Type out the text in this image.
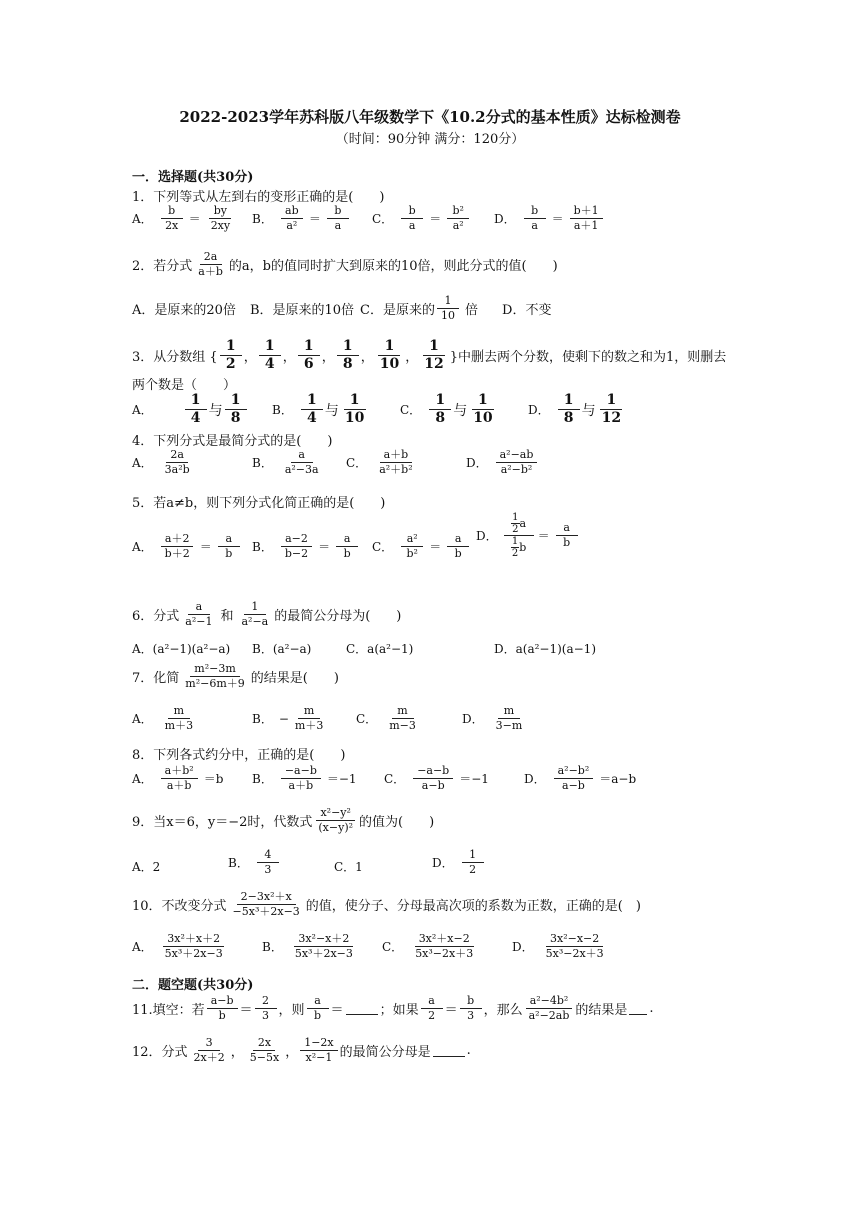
2022-2023学年苏科版八年级数学下《10.2分式的基本性质》达标检测卷
（时间：90分钟 满分：120分）
一．选择题(共30分)
1．下列等式从左到右的变形正确的是(　　)
A． $\frac{b}{2x} = \frac{by}{2xy}$ B． $\frac{ab}{\text{a²}} = \frac{b}{a}$ C． $\frac{b}{a} = \frac{\text{b²}}{\text{a²}}$ D． $\frac{b}{a} = \frac{b+1}{a+1}$
2．若分式 $\frac{2a}{a+b}$ 的a，b的值同时扩大到原来的10倍，则此分式的值(　　)
A．是原来的20倍 B．是原来的10倍 C．是原来的 $\frac{1}{10}$ 倍 D．不变
3．从分数组 { $\frac{1}{2}$ ， $\frac{1}{4}$ ， $\frac{1}{6}$ ， $\frac{1}{8}$ ， $\frac{1}{10}$ ， $\frac{1}{12}$ }中删去两个分数，使剩下的数之和为1，则删去
两个数是（　　）
A． $\frac{1}{4}$ 与 $\frac{1}{8}$ B． $\frac{1}{4}$ 与 $\frac{1}{10}$	C． $\frac{1}{8}$ 与 $\frac{1}{10}$	D． $\frac{1}{8}$ 与 $\frac{1}{12}$
4．下列分式是最简分式的是(　　)
A． $\frac{2a}{\text{3a²b}}$	B． $\frac{a}{\text{a²−3a}}$ C． $\frac{a+b}{\text{a²＋b²}}$	D． $\frac{\text{a²−ab}}{\text{a²−b²}}$
5．若a≠b，则下列分式化简正确的是(　　)
A． $\frac{a+2}{b+2} = \frac{a}{b}$ B． $\frac{a-2}{b-2} = \frac{a}{b}$ C． $\frac{\text{a²}}{\text{b²}} = \frac{a}{b}$ D． $\frac{\frac{1}{2} a}{\frac{1}{2} b} = \frac{a}{b}$
6．分式 $\frac{a}{\text{a²−1}}$ 和 $\frac{1}{\text{a²−a}}$ 的最简公分母为(　　)
A．(a²−1)(a²−a) B．(a²−a)	C．a(a²−1)	D．a(a²−1)(a−1)
7．化简 $\frac{\text{m²−3m}}{\text{m²−6m＋9}}$ 的结果是(　　)
A． $\frac{m}{m+3}$	B． − $\frac{m}{m+3}$ C． $\frac{m}{m-3}$	D． $\frac{m}{3-m}$
8．下列各式约分中，正确的是(　　)
A． $\frac{\text{a＋b²}}{a+b} =b$ B． $\frac{-a-b}{a+b} =-1$ C． $\frac{-a-b}{a-b} =-1$	D． $\frac{\text{a²−b²}}{a-b} =a-b$
9．当x＝6，y＝−2时，代数式 $\frac{\text{x²−y²}}{\text{(x−y)²}}$ 的值为(　　)
A．2	B． $\frac{4}{3}$	C．1	D． $\frac{1}{2}$
10．不改变分式 $\frac{\text{2−3x²＋x}}{\text{−5x³＋2x−3}}$ 的值，使分子、分母最高次项的系数为正数，正确的是(　)
A． $\frac{\text{3x²＋x＋2}}{\text{5x³＋2x−3}}$	B． $\frac{\text{3x²−x＋2}}{\text{5x³＋2x−3}}$ C． $\frac{\text{3x²＋x−2}}{\text{5x³−2x＋3}}$	D． $\frac{\text{3x²−x−2}}{\text{5x³−2x＋3}}$
二．题空题(共30分)
11.填空：若 $\frac{a-b}{b} = \frac{2}{3}$ ，则 $\frac{a}{b}$ ＝	；如果 $\frac{a}{2} = \frac{b}{3}$ ，那么 $\frac{\text{a²−4b²}}{\text{a²−2ab}}$ 的结果是 .
12．分式 $\frac{3}{2x+2}$ ， $\frac{2x}{5-5x}$ ， $\frac{1-2x}{\text{x²−1}}$ 的最简公分母是	.
